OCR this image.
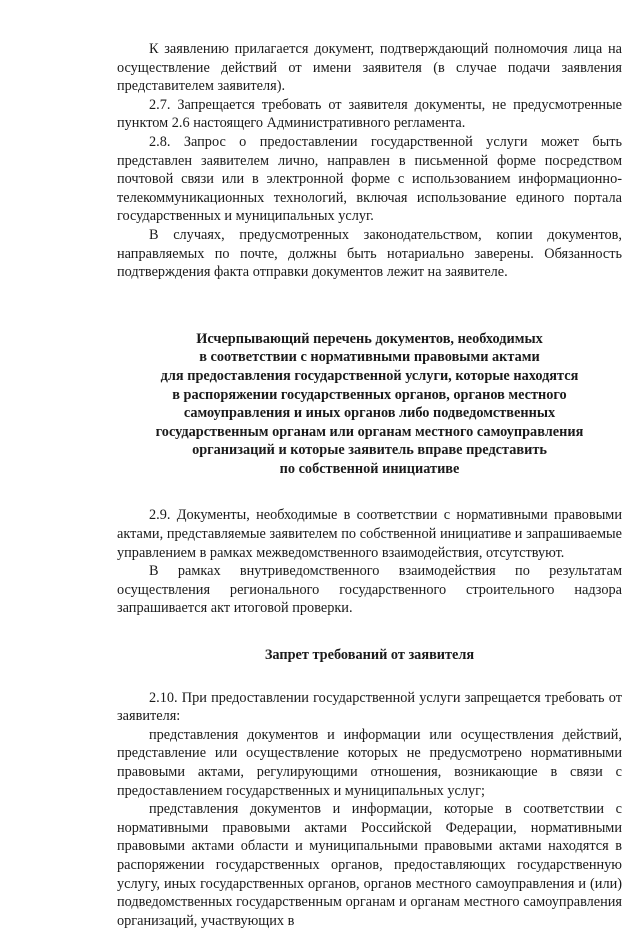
К заявлению прилагается документ, подтверждающий полномочия лица на осуществление действий от имени заявителя (в случае подачи заявления представителем заявителя).

2.7. Запрещается требовать от заявителя документы, не предусмотренные пунктом 2.6 настоящего Административного регламента.

2.8. Запрос о предоставлении государственной услуги может быть представлен заявителем лично, направлен в письменной форме посредством почтовой связи или в электронной форме с использованием информационно-телекоммуникационных технологий, включая использование единого портала государственных и муниципальных услуг.

В случаях, предусмотренных законодательством, копии документов, направляемых по почте, должны быть нотариально заверены. Обязанность подтверждения факта отправки документов лежит на заявителе.

Исчерпывающий перечень документов, необходимых
в соответствии с нормативными правовыми актами
для предоставления государственной услуги, которые находятся
в распоряжении государственных органов, органов местного
самоуправления и иных органов либо подведомственных
государственным органам или органам местного самоуправления
организаций и которые заявитель вправе представить
по собственной инициативе

2.9. Документы, необходимые в соответствии с нормативными правовыми актами, представляемые заявителем по собственной инициативе и запрашиваемые управлением в рамках межведомственного взаимодействия, отсутствуют.

В рамках внутриведомственного взаимодействия по результатам осуществления регионального государственного строительного надзора запрашивается акт итоговой проверки.

Запрет требований от заявителя

2.10. При предоставлении государственной услуги запрещается требовать от заявителя:

представления документов и информации или осуществления действий, представление или осуществление которых не предусмотрено нормативными правовыми актами, регулирующими отношения, возникающие в связи с предоставлением государственных и муниципальных услуг;

представления документов и информации, которые в соответствии с нормативными правовыми актами Российской Федерации, нормативными правовыми актами области и муниципальными правовыми актами находятся в распоряжении государственных органов, предоставляющих государственную услугу, иных государственных органов, органов местного самоуправления и (или) подведомственных государственным органам и органам местного самоуправления организаций, участвующих в
